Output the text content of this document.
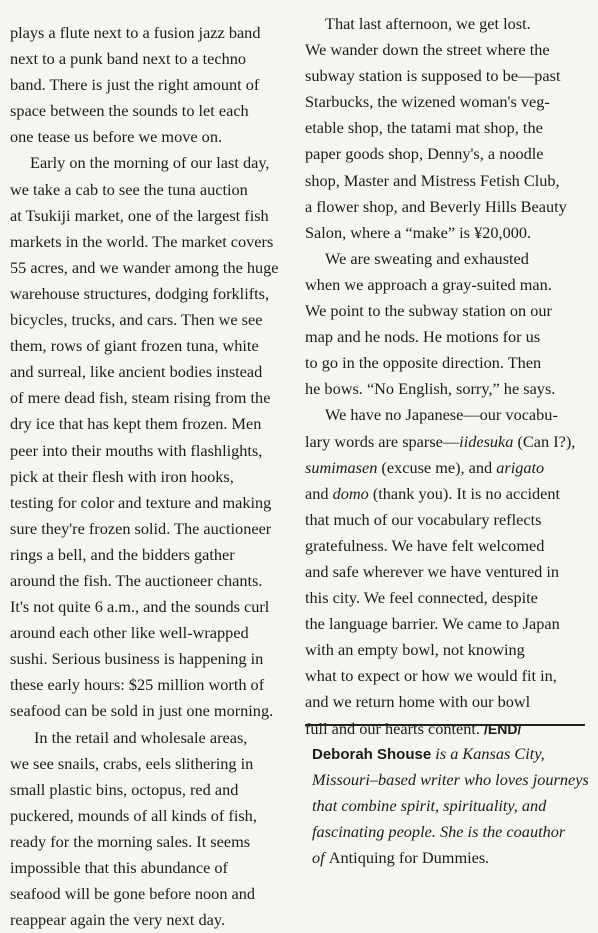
plays a flute next to a fusion jazz band
next to a punk band next to a techno
band. There is just the right amount of
space between the sounds to let each
one tease us before we move on.
Early on the morning of our last day,
we take a cab to see the tuna auction
at Tsukiji market, one of the largest fish
markets in the world. The market covers
55 acres, and we wander among the huge
warehouse structures, dodging forklifts,
bicycles, trucks, and cars. Then we see
them, rows of giant frozen tuna, white
and surreal, like ancient bodies instead
of mere dead fish, steam rising from the
dry ice that has kept them frozen. Men
peer into their mouths with flashlights,
pick at their flesh with iron hooks,
testing for color and texture and making
sure they're frozen solid. The auctioneer
rings a bell, and the bidders gather
around the fish. The auctioneer chants.
It's not quite 6 a.m., and the sounds curl
around each other like well-wrapped
sushi. Serious business is happening in
these early hours: $25 million worth of
seafood can be sold in just one morning.
In the retail and wholesale areas,
we see snails, crabs, eels slithering in
small plastic bins, octopus, red and
puckered, mounds of all kinds of fish,
ready for the morning sales. It seems
impossible that this abundance of
seafood will be gone before noon and
reappear again the very next day.
That last afternoon, we get lost.
We wander down the street where the
subway station is supposed to be—past
Starbucks, the wizened woman's veg-
etable shop, the tatami mat shop, the
paper goods shop, Denny's, a noodle
shop, Master and Mistress Fetish Club,
a flower shop, and Beverly Hills Beauty
Salon, where a “make” is ¥20,000.
We are sweating and exhausted
when we approach a gray-suited man.
We point to the subway station on our
map and he nods. He motions for us
to go in the opposite direction. Then
he bows. “No English, sorry,” he says.
We have no Japanese—our vocabu-
lary words are sparse—iidesuka (Can I?),
sumimasen (excuse me), and arigato
and domo (thank you). It is no accident
that much of our vocabulary reflects
gratefulness. We have felt welcomed
and safe wherever we have ventured in
this city. We feel connected, despite
the language barrier. We came to Japan
with an empty bowl, not knowing
what to expect or how we would fit in,
and we return home with our bowl
full and our hearts content. /END/
Deborah Shouse is a Kansas City,
Missouri–based writer who loves journeys
that combine spirit, spirituality, and
fascinating people. She is the coauthor
of Antiquing for Dummies.
